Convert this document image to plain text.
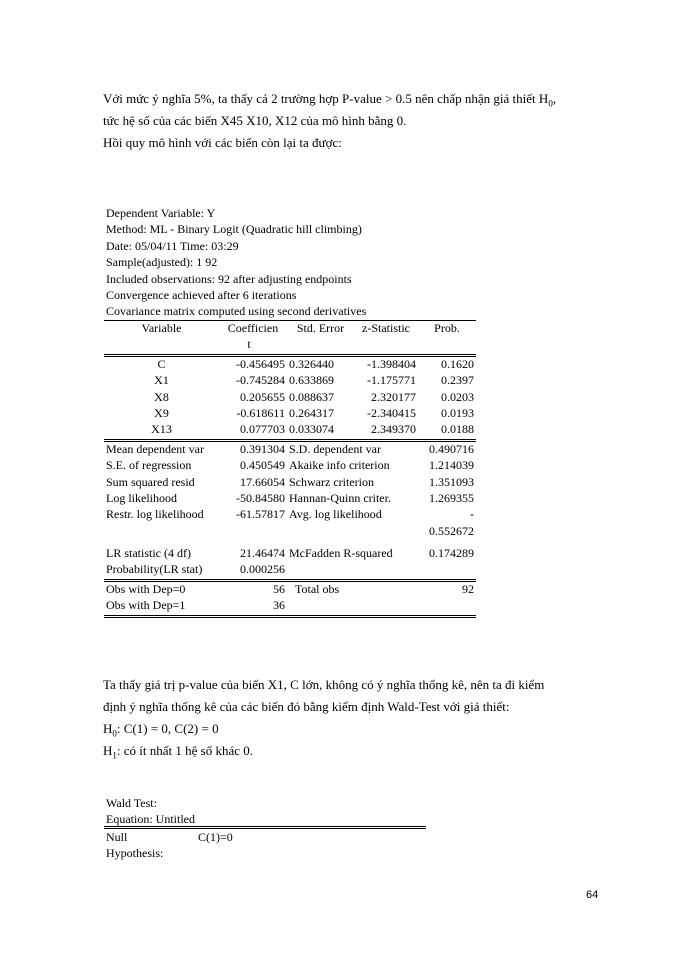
Với mức ý nghĩa 5%, ta thấy cả 2 trường hợp P-value > 0.5 nên chấp nhận giả thiết $H_0$,

tức hệ số của các biến X45 X10, X12 của mô hình bằng 0.

Hồi quy mô hình với các biến còn lại ta được:

Dependent Variable: Y
Method: ML - Binary Logit (Quadratic hill climbing)
Date: 05/04/11 Time: 03:29
Sample(adjusted): 1 92
Included observations: 92 after adjusting endpoints
Convergence achieved after 6 iterations
Covariance matrix computed using second derivatives
Variable	Coefficien	Std. Error	z-Statistic	Prob.
	t			
C	-0.456495	0.326440	-1.398404	0.1620
X1	-0.745284	0.633869	-1.175771	0.2397
X8	0.205655	0.088637	2.320177	0.0203
X9	-0.618611	0.264317	-2.340415	0.0193
X13	0.077703	0.033074	2.349370	0.0188
Mean dependent var	0.391304	S.D. dependent var		0.490716
S.E. of regression	0.450549	Akaike info criterion		1.214039
Sum squared resid	17.66054	Schwarz criterion		1.351093
Log likelihood	-50.84580	Hannan-Quinn criter.		1.269355
Restr. log likelihood	-61.57817	Avg. log likelihood		-
				0.552672
LR statistic (4 df)	21.46474	McFadden R-squared		0.174289
Probability(LR stat)	0.000256			
Obs with Dep=0	56	Total obs		92
Obs with Dep=1	36			

Ta thấy giá trị p-value của biến X1, C lớn, không có ý nghĩa thống kê, nên ta đi kiểm

định ý nghĩa thống kê của các biến đó bằng kiểm định Wald-Test với giả thiết:

$H_0$: C(1) = 0, C(2) = 0

$H_1$: có ít nhất 1 hệ số khác 0.

Wald Test:
Equation: Untitled
Null	C(1)=0
Hypothesis:
64
